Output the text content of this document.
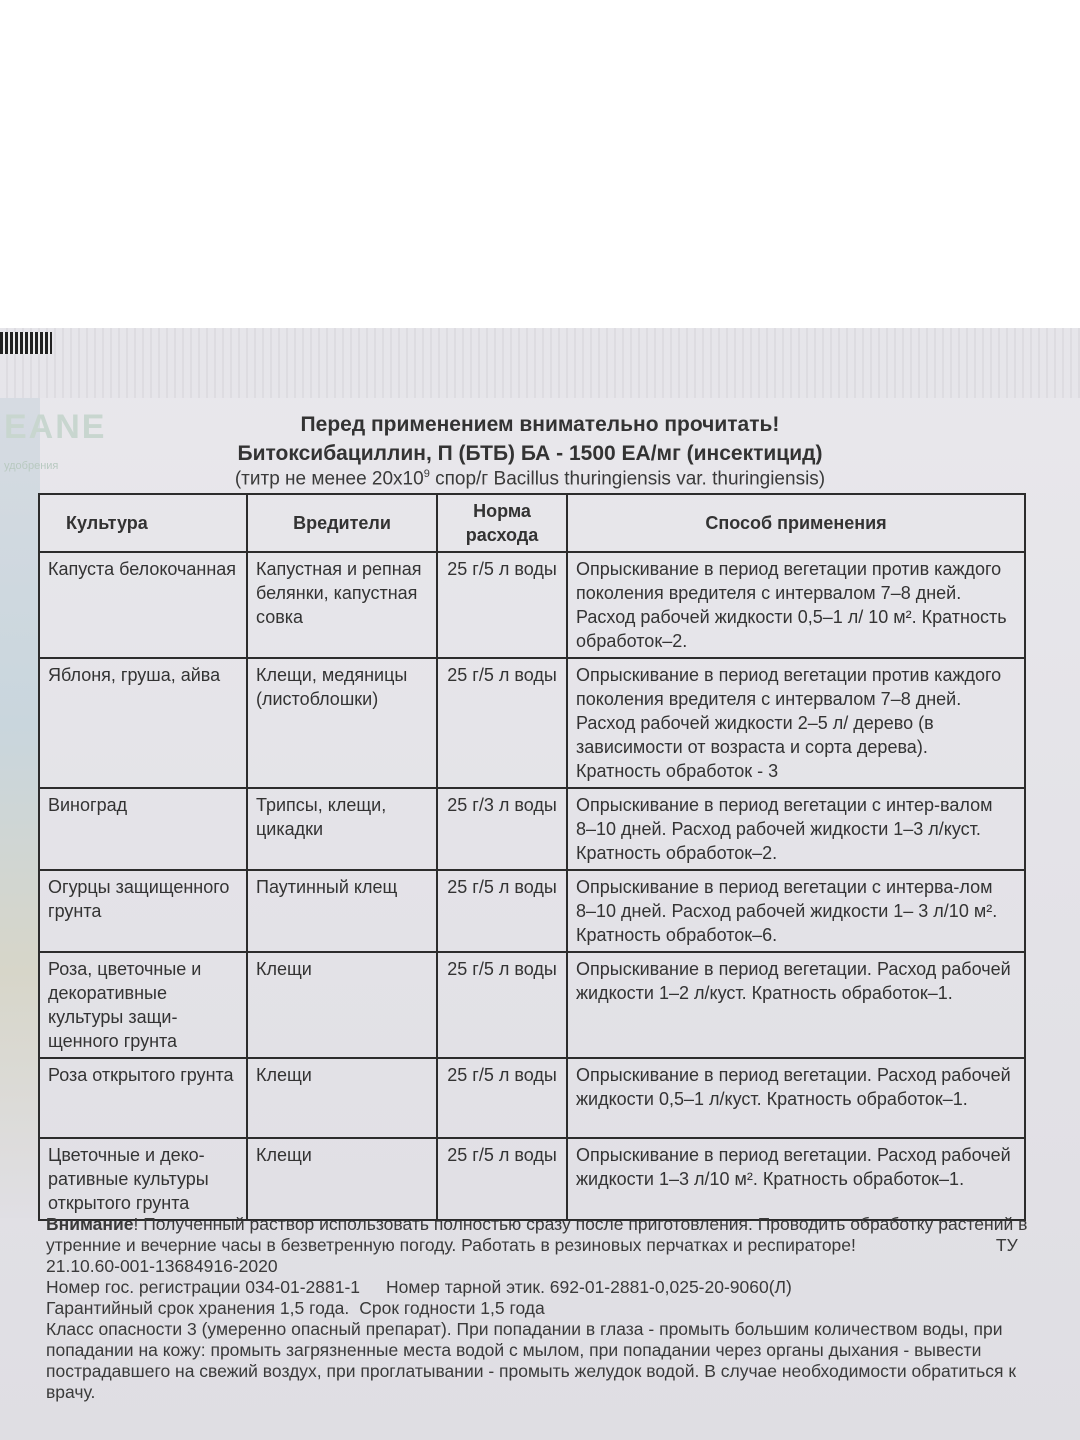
EANE
удобрения
Перед применением внимательно прочитать!
Битоксибациллин, П (БТБ) БА - 1500 ЕА/мг (инсектицид)
(титр не менее $20х10^9$ спор/г Bacillus thuringiensis var. thuringiensis)
Культура	Вредители	Норма расхода	Способ применения
Капуста белокочанная	Капустная и репная белянки, капустная совка	25 г/5 л воды	Опрыскивание в период вегетации против каждого поколения вредителя с интервалом 7–8 дней. Расход рабочей жидкости 0,5–1 л/ 10 м². Кратность обработок–2.
Яблоня, груша, айва	Клещи, медяницы (листоблошки)	25 г/5 л воды	Опрыскивание в период вегетации против каждого поколения вредителя с интервалом 7–8 дней. Расход рабочей жидкости 2–5 л/ дерево (в зависимости от возраста и сорта дерева). Кратность обработок - 3
Виноград	Трипсы, клещи, цикадки	25 г/3 л воды	Опрыскивание в период вегетации с интер-валом 8–10 дней. Расход рабочей жидкости 1–3 л/куст. Кратность обработок–2.
Огурцы защищенного грунта	Паутинный клещ	25 г/5 л воды	Опрыскивание в период вегетации с интерва-лом 8–10 дней. Расход рабочей жидкости 1– 3 л/10 м². Кратность обработок–6.
Роза, цветочные и декоративные культуры защи-щенного грунта	Клещи	25 г/5 л воды	Опрыскивание в период вегетации. Расход рабочей жидкости 1–2 л/куст. Кратность обработок–1.
Роза открытого грунта	Клещи	25 г/5 л воды	Опрыскивание в период вегетации. Расход рабочей жидкости 0,5–1 л/куст. Кратность обработок–1.
Цветочные и деко-ративные культуры открытого грунта	Клещи	25 г/5 л воды	Опрыскивание в период вегетации. Расход рабочей жидкости 1–3 л/10 м². Кратность обработок–1.

Внимание! Полученный раствор использовать полностью сразу после приготовления. Проводить обработку растений в утренние и вечерние часы в безветренную погоду. Работать в резиновых перчатках и респираторе!	ТУ 21.10.60-001-13684916-2020

Номер гос. регистрации 034-01-2881-1 Номер тарной этик. 692-01-2881-0,025-20-9060(Л)

Гарантийный срок хранения 1,5 года. Срок годности 1,5 года

Класс опасности 3 (умеренно опасный препарат). При попадании в глаза - промыть большим количеством воды, при попадании на кожу: промыть загрязненные места водой с мылом, при попадании через органы дыхания - вывести пострадавшего на свежий воздух, при проглатывании - промыть желудок водой. В случае необходимости обратиться к врачу.
